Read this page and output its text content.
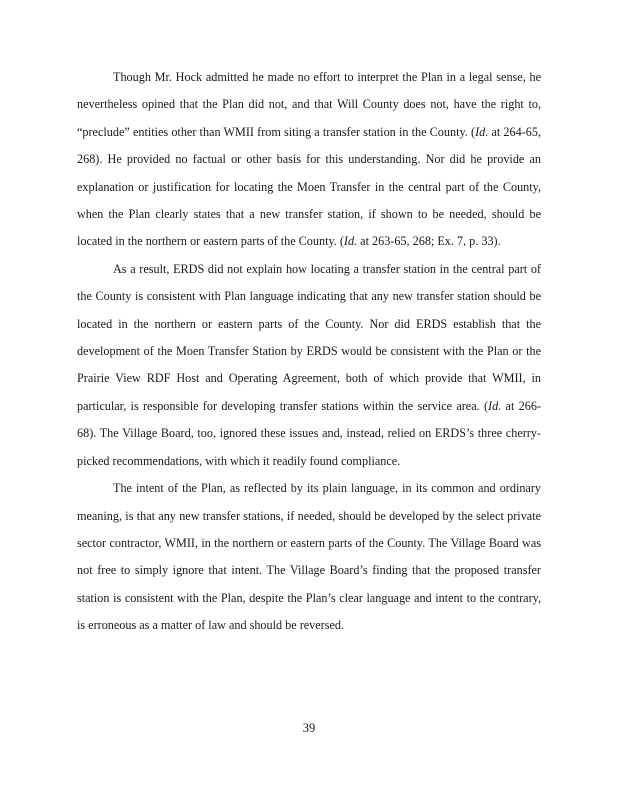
Though Mr. Hock admitted he made no effort to interpret the Plan in a legal sense, he nevertheless opined that the Plan did not, and that Will County does not, have the right to, “preclude” entities other than WMII from siting a transfer station in the County. (Id. at 264-65, 268). He provided no factual or other basis for this understanding. Nor did he provide an explanation or justification for locating the Moen Transfer in the central part of the County, when the Plan clearly states that a new transfer station, if shown to be needed, should be located in the northern or eastern parts of the County. (Id. at 263-65, 268; Ex. 7, p. 33).

As a result, ERDS did not explain how locating a transfer station in the central part of the County is consistent with Plan language indicating that any new transfer station should be located in the northern or eastern parts of the County. Nor did ERDS establish that the development of the Moen Transfer Station by ERDS would be consistent with the Plan or the Prairie View RDF Host and Operating Agreement, both of which provide that WMII, in particular, is responsible for developing transfer stations within the service area. (Id. at 266-68). The Village Board, too, ignored these issues and, instead, relied on ERDS’s three cherry-picked recommendations, with which it readily found compliance.

The intent of the Plan, as reflected by its plain language, in its common and ordinary meaning, is that any new transfer stations, if needed, should be developed by the select private sector contractor, WMII, in the northern or eastern parts of the County. The Village Board was not free to simply ignore that intent. The Village Board’s finding that the proposed transfer station is consistent with the Plan, despite the Plan’s clear language and intent to the contrary, is erroneous as a matter of law and should be reversed.

39
